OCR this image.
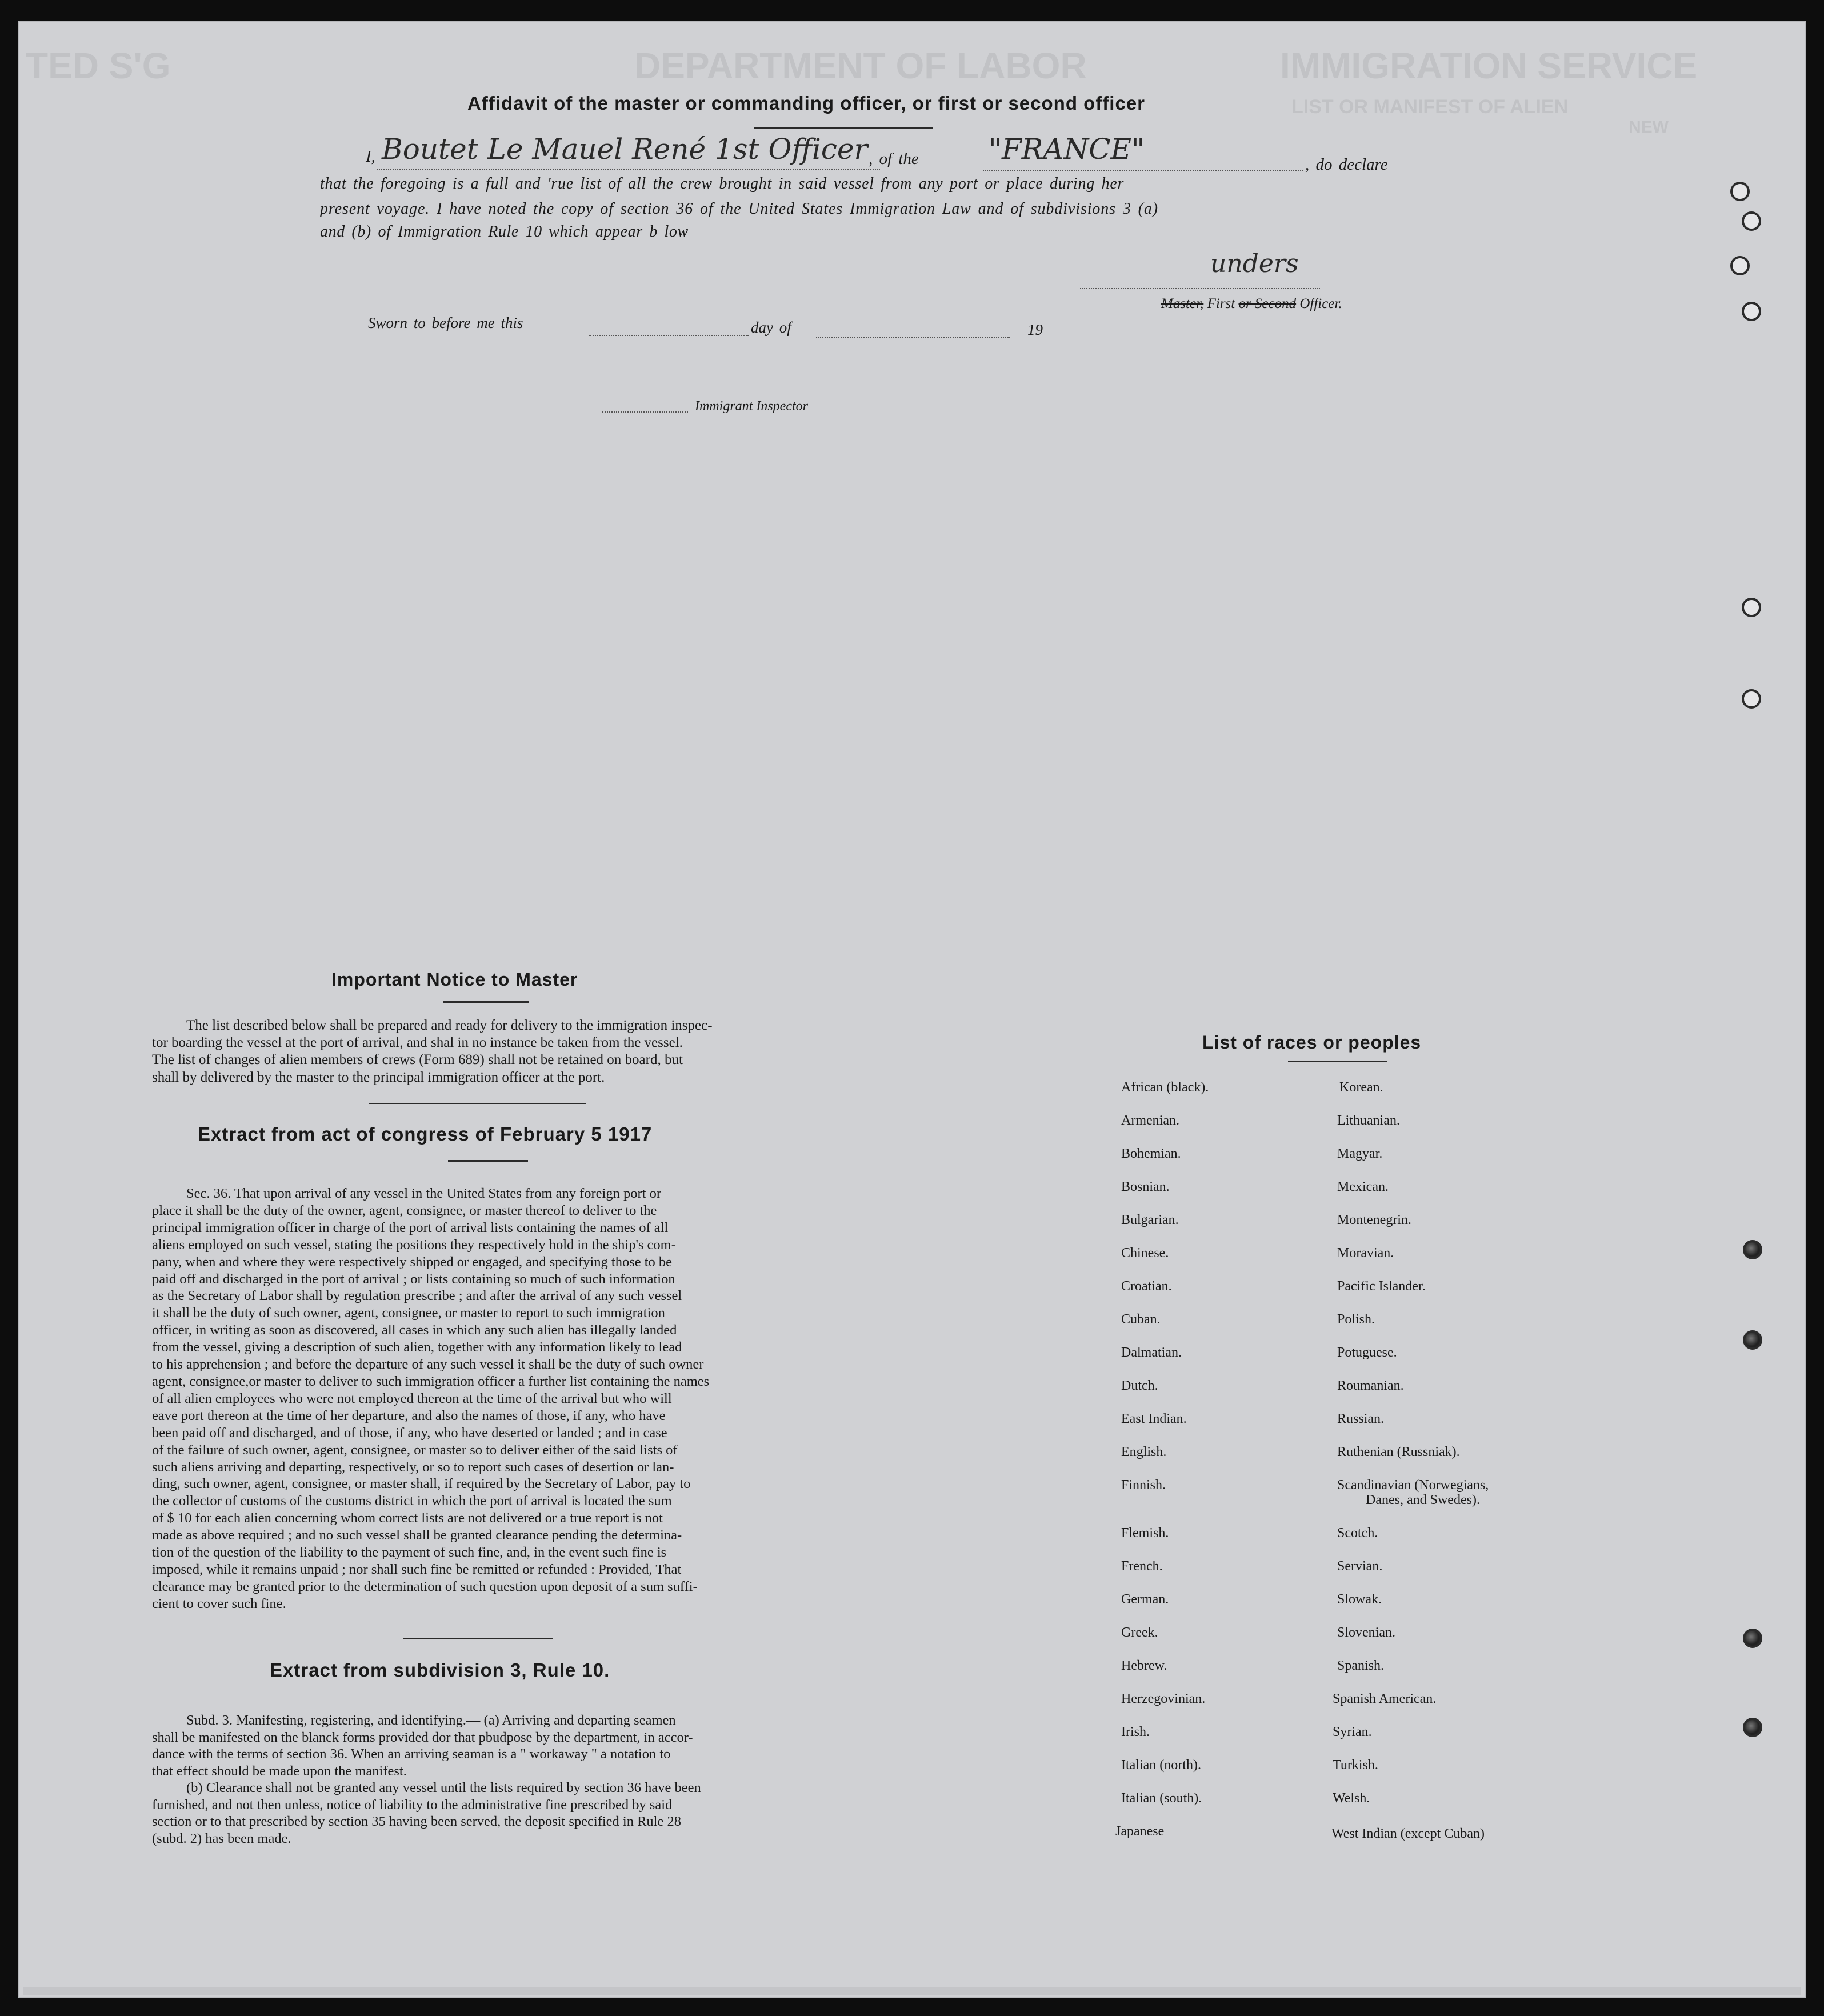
TED S'G	DEPARTMENT OF LABOR	IMMIGRATION SERVICE
LIST OR MANIFEST OF ALIEN
NEW
Affidavit of the master or commanding officer, or first or second officer
I, Boutet Le Mauel René 1st Officer , of the "FRANCE"	, do declare
that the foregoing is a full and 'rue list of all the crew brought in said vessel from any port or place during her
present voyage. I have noted the copy of section 36 of the United States Immigration Law and of subdivisions 3 (a)
and (b) of Immigration Rule 10 which appear b low
unders
Master, First or Second Officer.
Sworn to before me this	day of	19
Immigrant Inspector
Important Notice to Master
The list described below shall be prepared and ready for delivery to the immigration inspec-
tor boarding the vessel at the port of arrival, and shal in no instance be taken from the vessel.
The list of changes of alien members of crews (Form 689) shall not be retained on board, but
shall by delivered by the master to the principal immigration officer at the port.
Extract from act of congress of February 5 1917
Sec. 36. That upon arrival of any vessel in the United States from any foreign port or
place it shall be the duty of the owner, agent, consignee, or master thereof to deliver to the
principal immigration officer in charge of the port of arrival lists containing the names of all
aliens employed on such vessel, stating the positions they respectively hold in the ship's com-
pany, when and where they were respectively shipped or engaged, and specifying those to be
paid off and discharged in the port of arrival ; or lists containing so much of such information
as the Secretary of Labor shall by regulation prescribe ; and after the arrival of any such vessel
it shall be the duty of such owner, agent, consignee, or master to report to such immigration
officer, in writing as soon as discovered, all cases in which any such alien has illegally landed
from the vessel, giving a description of such alien, together with any information likely to lead
to his apprehension ; and before the departure of any such vessel it shall be the duty of such owner
agent, consignee,or master to deliver to such immigration officer a further list containing the names
of all alien employees who were not employed thereon at the time of the arrival but who will
eave port thereon at the time of her departure, and also the names of those, if any, who have
been paid off and discharged, and of those, if any, who have deserted or landed ; and in case
of the failure of such owner, agent, consignee, or master so to deliver either of the said lists of
such aliens arriving and departing, respectively, or so to report such cases of desertion or lan-
ding, such owner, agent, consignee, or master shall, if required by the Secretary of Labor, pay to
the collector of customs of the customs district in which the port of arrival is located the sum
of $ 10 for each alien concerning whom correct lists are not delivered or a true report is not
made as above required ; and no such vessel shall be granted clearance pending the determina-
tion of the question of the liability to the payment of such fine, and, in the event such fine is
imposed, while it remains unpaid ; nor shall such fine be remitted or refunded : Provided, That
clearance may be granted prior to the determination of such question upon deposit of a sum suffi-
cient to cover such fine.
Extract from subdivision 3, Rule 10.
Subd. 3. Manifesting, registering, and identifying.— (a) Arriving and departing seamen
shall be manifested on the blanck forms provided dor that pbudpose by the department, in accor-
dance with the terms of section 36. When an arriving seaman is a " workaway " a notation to
that effect should be made upon the manifest.
(b) Clearance shall not be granted any vessel until the lists required by section 36 have been
furnished, and not then unless, notice of liability to the administrative fine prescribed by said
section or to that prescribed by section 35 having been served, the deposit specified in Rule 28
(subd. 2) has been made.
List of races or peoples
African (black).
Armenian.
Bohemian.
Bosnian.
Bulgarian.
Chinese.
Croatian.
Cuban.
Dalmatian.
Dutch.
East Indian.
English.
Finnish.
Flemish.
French.
German.
Greek.
Hebrew.
Herzegovinian.
Irish.
Italian (north).
Italian (south).
Japanese
Korean.
Lithuanian.
Magyar.
Mexican.
Montenegrin.
Moravian.
Pacific Islander.
Polish.
Potuguese.
Roumanian.
Russian.
Ruthenian (Russniak).
Scandinavian (Norwegians,
Danes, and Swedes).
Scotch.
Servian.
Slowak.
Slovenian.
Spanish.
Spanish American.
Syrian.
Turkish.
Welsh.
West Indian (except Cuban)
